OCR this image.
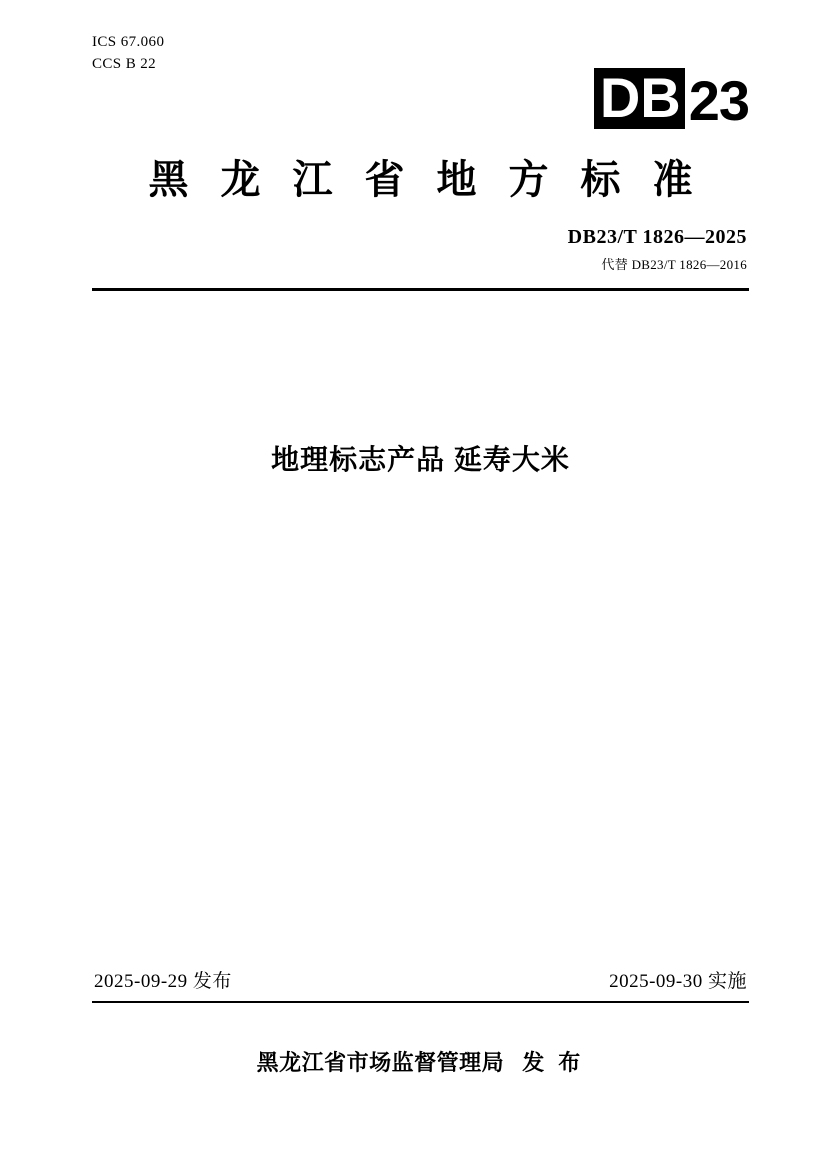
ICS 67.060
CCS B 22
DB 23
黑龙江省地方标准
DB23/T 1826—2025
代替 DB23/T 1826—2016
地理标志产品 延寿大米
2025-09-29 发布	2025-09-30 实施
黑龙江省市场监督管理局 发 布
